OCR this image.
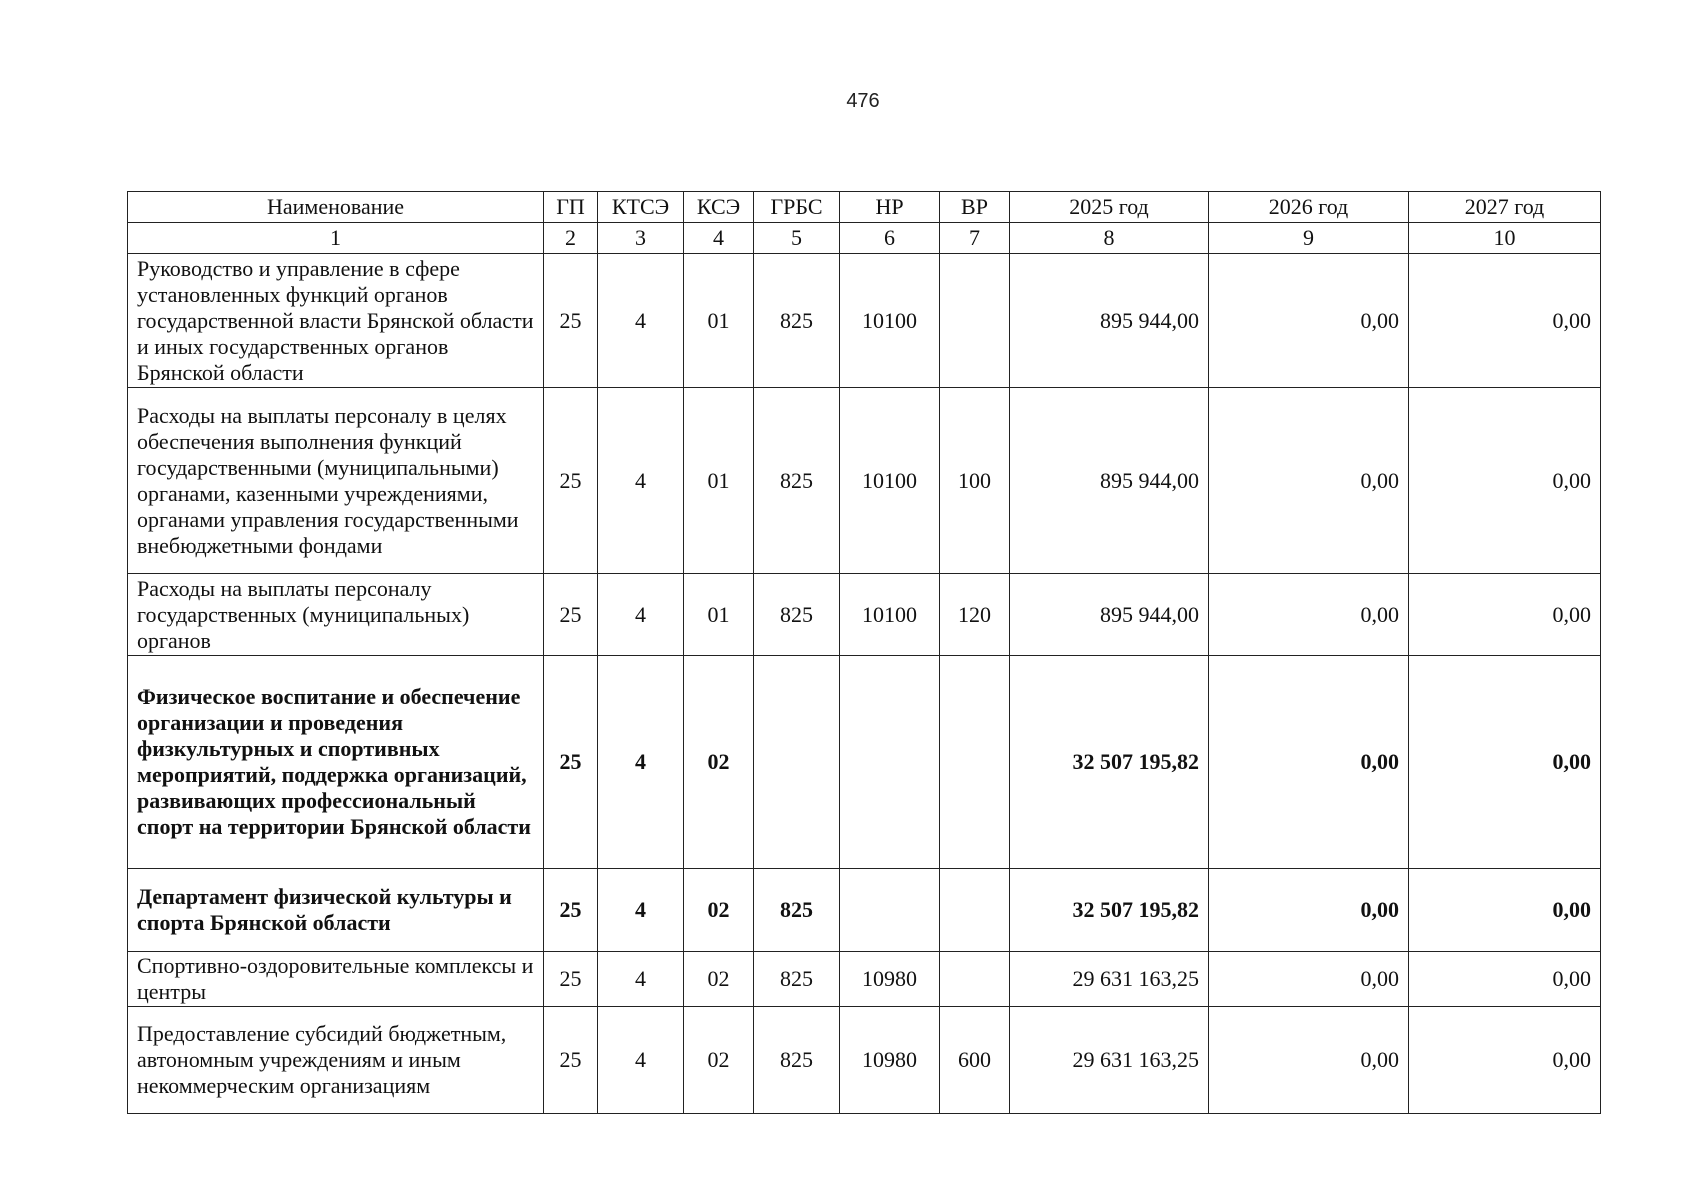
476
Наименование	ГП	КТСЭ	КСЭ	ГРБС	НР	ВР	2025 год	2026 год	2027 год
1	2	3	4	5	6	7	8	9	10
Руководство и управление в сфере установленных функций органов государственной власти Брянской области и иных государственных органов Брянской области	25	4	01	825	10100		895 944,00	0,00	0,00
Расходы на выплаты персоналу в целях обеспечения выполнения функций государственными (муниципальными) органами, казенными учреждениями, органами управления государственными внебюджетными фондами	25	4	01	825	10100	100	895 944,00	0,00	0,00
Расходы на выплаты персоналу государственных (муниципальных) органов	25	4	01	825	10100	120	895 944,00	0,00	0,00
Физическое воспитание и обеспечение организации и проведения физкультурных и спортивных мероприятий, поддержка организаций, развивающих профессиональный спорт на территории Брянской области	25	4	02				32 507 195,82	0,00	0,00
Департамент физической культуры и спорта Брянской области	25	4	02	825			32 507 195,82	0,00	0,00
Спортивно-оздоровительные комплексы и центры	25	4	02	825	10980		29 631 163,25	0,00	0,00
Предоставление субсидий бюджетным, автономным учреждениям и иным некоммерческим организациям	25	4	02	825	10980	600	29 631 163,25	0,00	0,00
